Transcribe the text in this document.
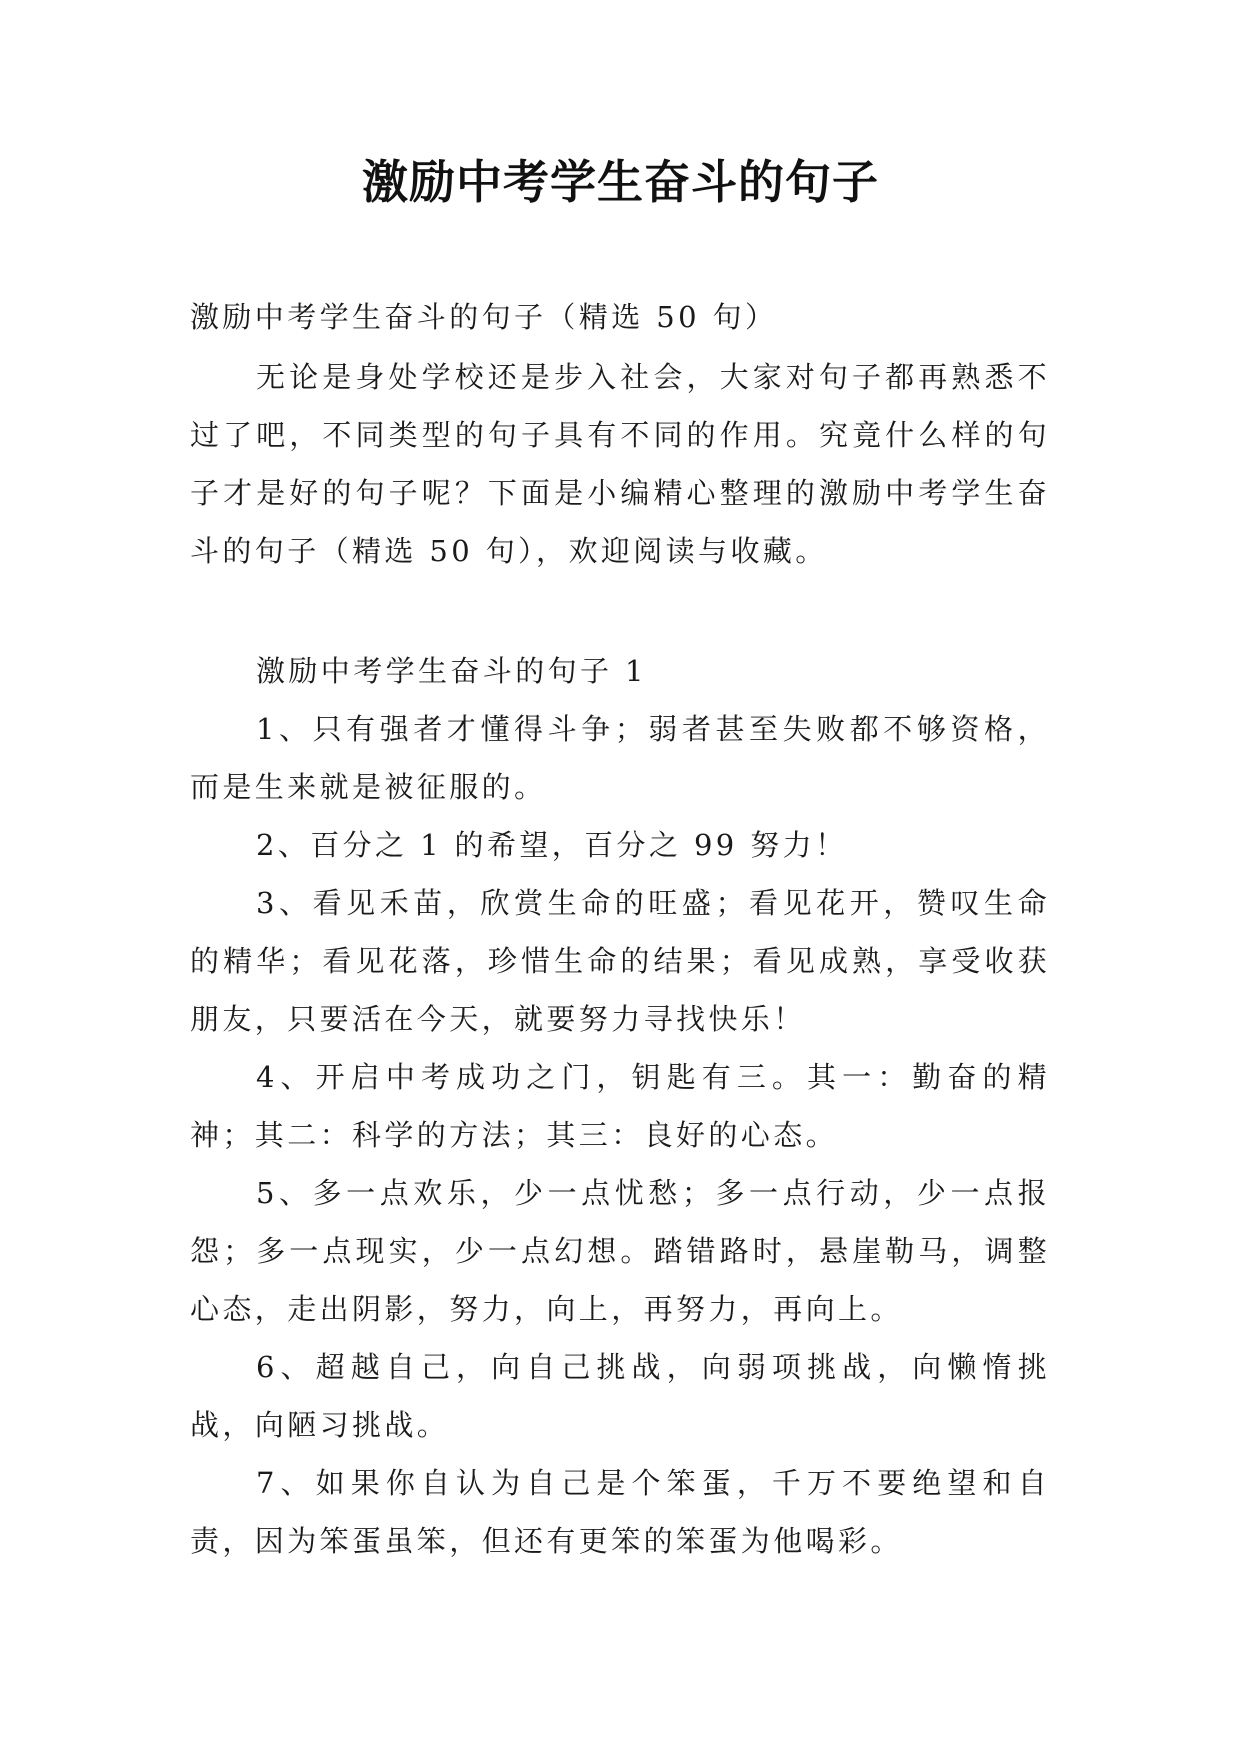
激励中考学生奋斗的句子

激励中考学生奋斗的句子（精选 50 句）

无论是身处学校还是步入社会，大家对句子都再熟悉不过了吧，不同类型的句子具有不同的作用。究竟什么样的句子才是好的句子呢？下面是小编精心整理的激励中考学生奋斗的句子（精选 50 句），欢迎阅读与收藏。

激励中考学生奋斗的句子 1

1、只有强者才懂得斗争；弱者甚至失败都不够资格，而是生来就是被征服的。

2、百分之 1 的希望，百分之 99 努力！

3、看见禾苗，欣赏生命的旺盛；看见花开，赞叹生命的精华；看见花落，珍惜生命的结果；看见成熟，享受收获朋友，只要活在今天，就要努力寻找快乐！

4、开启中考成功之门，钥匙有三。其一：勤奋的精神；其二：科学的方法；其三：良好的心态。

5、多一点欢乐，少一点忧愁；多一点行动，少一点报怨；多一点现实，少一点幻想。踏错路时，悬崖勒马，调整心态，走出阴影，努力，向上，再努力，再向上。

6、超越自己，向自己挑战，向弱项挑战，向懒惰挑战，向陋习挑战。

7、如果你自认为自己是个笨蛋，千万不要绝望和自责，因为笨蛋虽笨，但还有更笨的笨蛋为他喝彩。
